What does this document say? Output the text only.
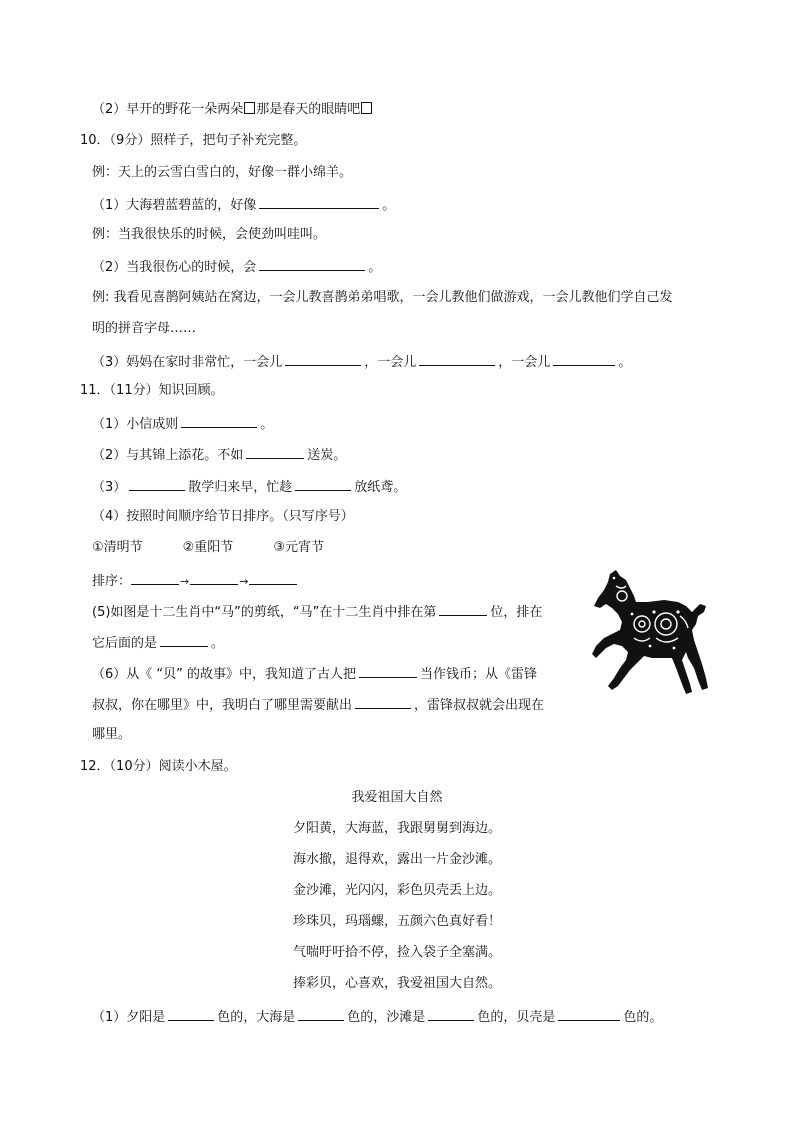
（2）早开的野花一朵两朵 那是春天的眼睛吧
10．（9分）照样子，把句子补充完整。
例：天上的云雪白雪白的，好像一群小绵羊。
（1）大海碧蓝碧蓝的，好像	。
例：当我很快乐的时候，会使劲叫哇叫。
（2）当我很伤心的时候，会	。
例: 我看见喜鹊阿姨站在窝边，一会儿教喜鹊弟弟唱歌，一会儿教他们做游戏，一会儿教他们学自己发
明的拼音字母……
（3）妈妈在家时非常忙，一会儿	，一会儿	，一会儿	。
11．（11分）知识回顾。
（1）小信成则	。
（2）与其锦上添花。不如	送炭。
（3）	散学归来早，忙趁	放纸鸢。
（4）按照时间顺序给节日排序。（只写序号）
①清明节	②重阳节	③元宵节
排序：	→	→
(5)如图是十二生肖中“马”的剪纸，“马”在十二生肖中排在第	位，排在
它后面的是	。
（6）从《 “贝” 的故事》中，我知道了古人把	当作钱币；从《雷锋
叔叔，你在哪里》中，我明白了哪里需要献出	，雷锋叔叔就会出现在
哪里。
12．（10分）阅读小木屋。
我爱祖国大自然
夕阳黄，大海蓝，我跟舅舅到海边。
海水撤，退得欢，露出一片金沙滩。
金沙滩，光闪闪，彩色贝壳丢上边。
珍珠贝，玛瑙螺，五颜六色真好看！
气喘吁吁拾不停，捡入袋子全塞满。
捧彩贝，心喜欢，我爱祖国大自然。
（1）夕阳是	色的，大海是	色的，沙滩是	色的，贝壳是	色的。
